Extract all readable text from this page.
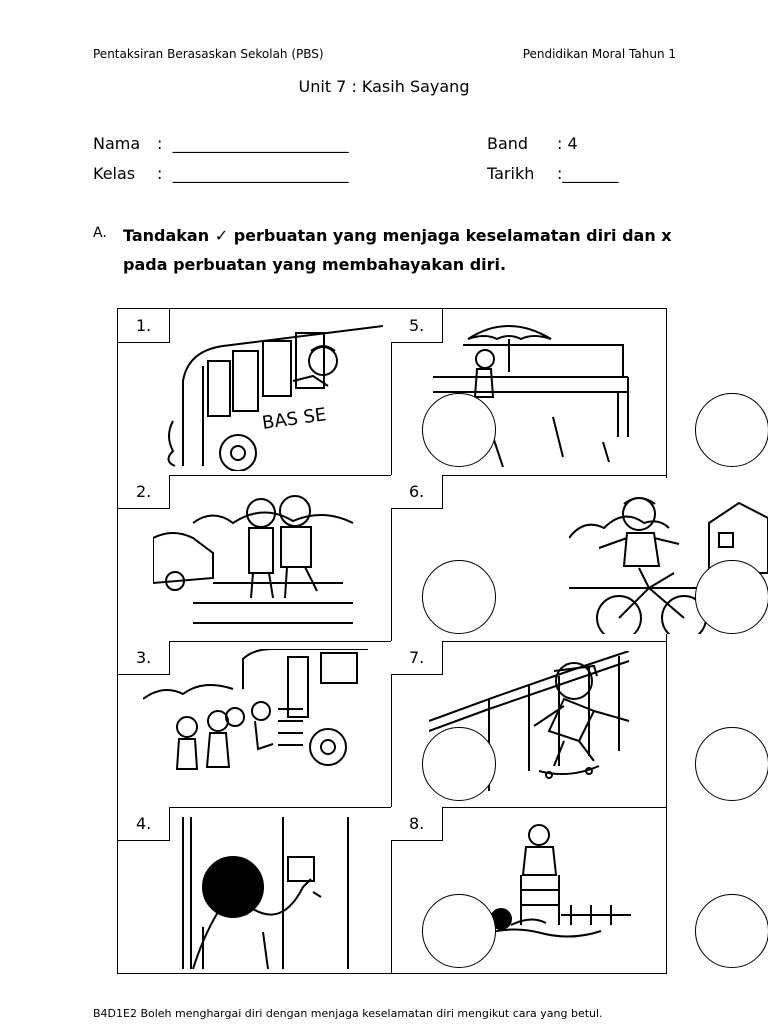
Pentaksiran Berasaskan Sekolah (PBS)	Pendidikan Moral Tahun 1
Unit 7 : Kasih Sayang
Nama :  ______________________
Kelas :  ______________________
Band : 4
Tarikh :_______
A. Tandakan ✓ perbuatan yang menjaga keselamatan diri dan x pada perbuatan yang membahayakan diri.
1.
BAS SE
2.
3.
4.
5.
6.
7.
8.
B4D1E2 Boleh menghargai diri dengan menjaga keselamatan diri mengikut cara yang betul.
